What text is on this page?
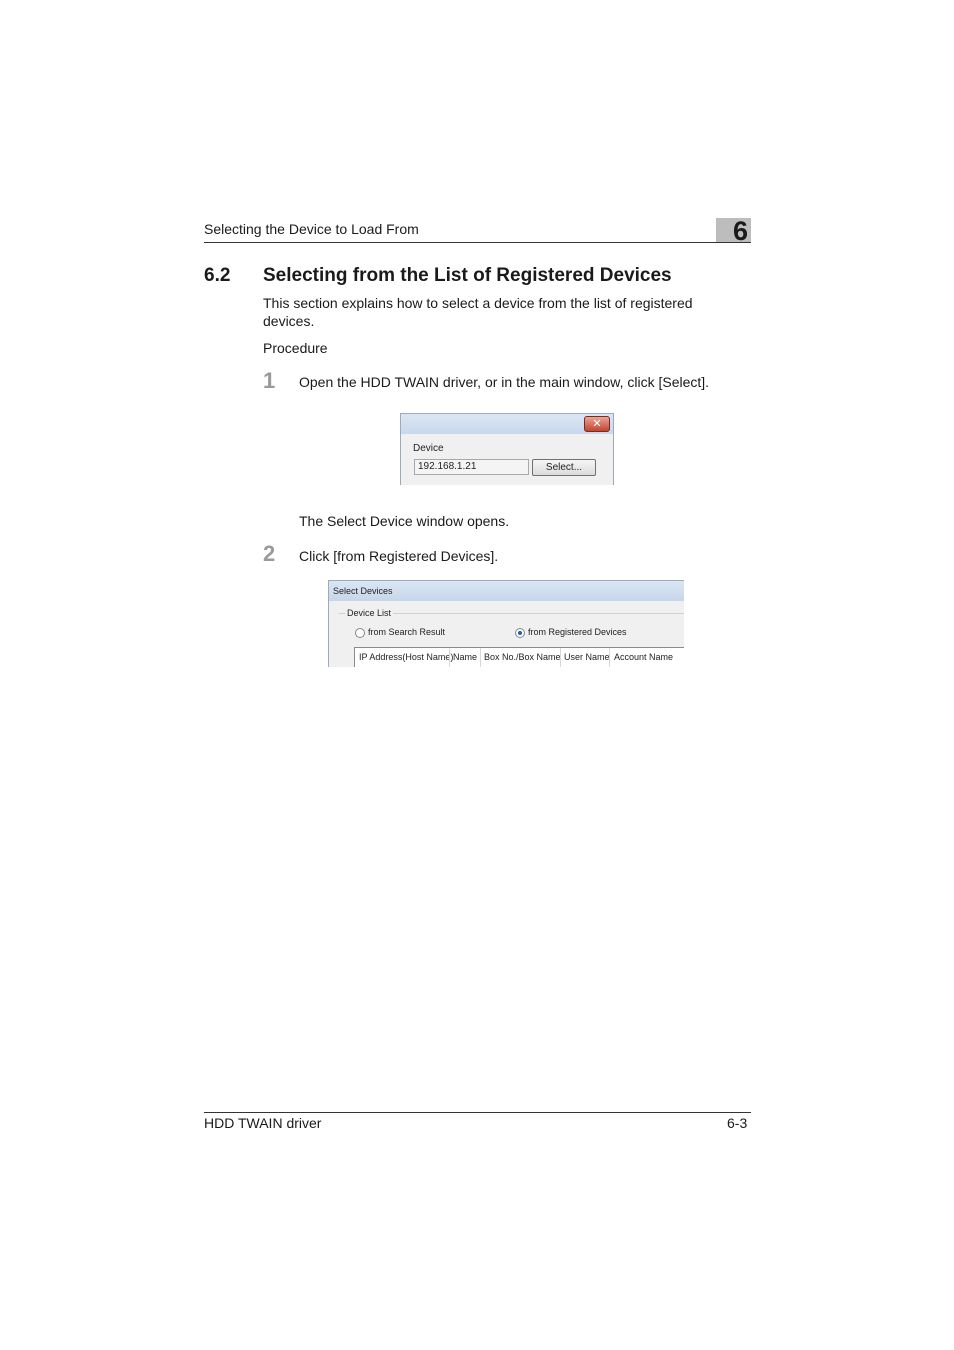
Selecting the Device to Load From	6
6.2 Selecting from the List of Registered Devices
This section explains how to select a device from the list of registered devices.
Procedure
1 Open the HDD TWAIN driver, or in the main window, click [Select].
✕
Device
192.168.1.21	Select...
The Select Device window opens.
2 Click [from Registered Devices].
Select Devices
Device List
from Search Result	from Registered Devices
IP Address(Host Name) Name Box No./Box Name User Name Account Name
HDD TWAIN driver	6-3
